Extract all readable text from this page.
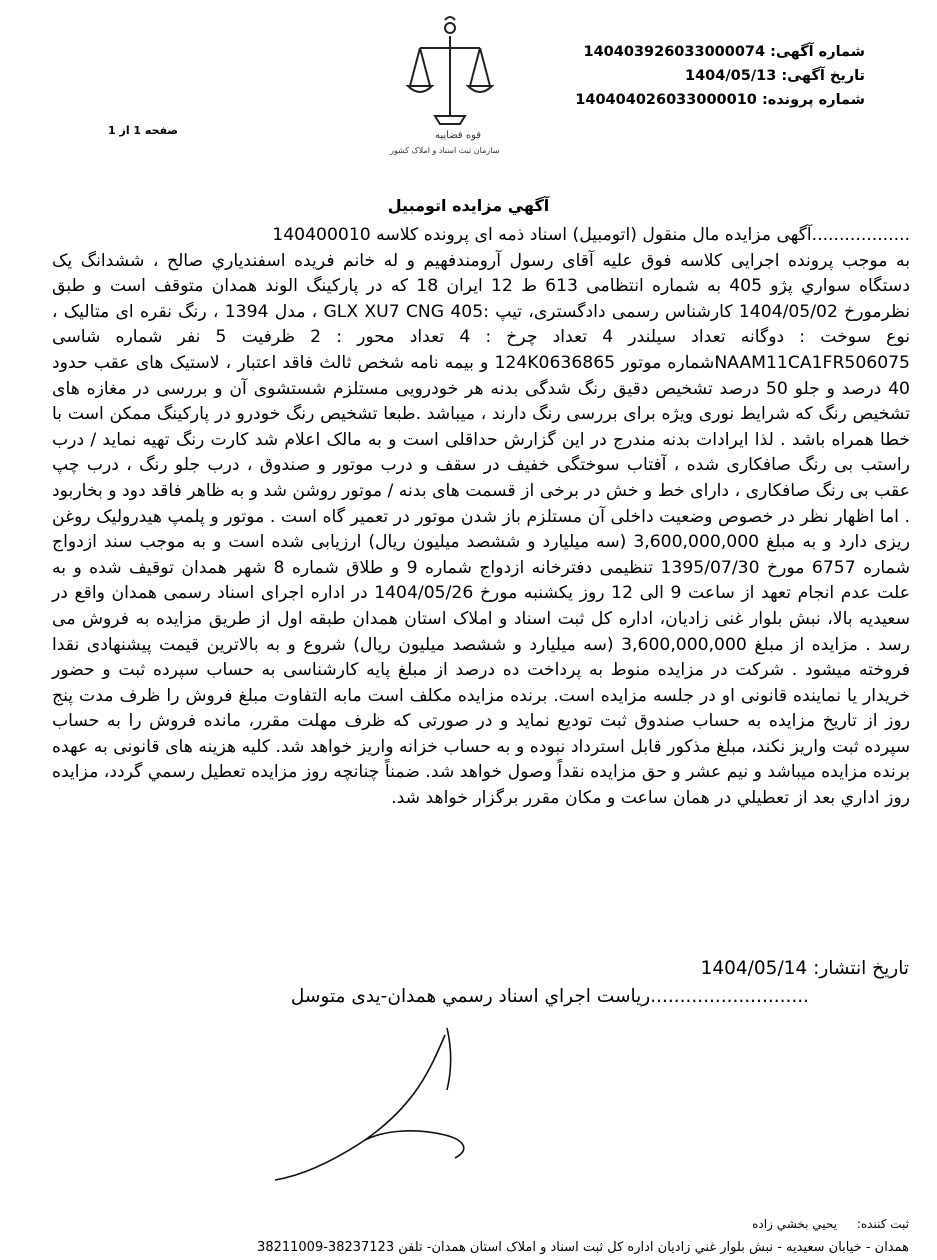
قوه قضاییه
سازمان ثبت اسناد و املاک کشور
شماره آگهی: 14040392603300007‎4
تاریخ آگهی: 1404/05/13
شماره پرونده: 14040402603300001‎0
صفحه 1 از 1
آگهي مزايده اتومبيل

..................آگهی مزایده مال منقول (اتومبیل) اسناد ذمه ای پرونده کلاسه 140400010

به موجب پرونده اجرایی کلاسه فوق علیه آقای رسول آرومندفهیم و له خانم فریده اسفندیاري صالح ، ششدانگ یک دستگاه سواري پژو 405 به شماره انتظامی 613 ط 12 ایران 18 که در پارکینگ الوند همدان متوقف است و طبق نظرمورخ 1404/05/02 کارشناس رسمی دادگستری، تیپ :GLX XU7 CNG 405 ، مدل 1394 ، رنگ نقره ای متالیک ، نوع سوخت : دوگانه تعداد سیلندر 4 تعداد چرخ : 4 تعداد محور : 2 ظرفیت 5 نفر شماره شاسی NAAM11CA1FR506075شماره موتور 124K0636865 و بیمه نامه شخص ثالث فاقد اعتبار ، لاستیک های عقب حدود 40 درصد و جلو 50 درصد تشخیص دقیق رنگ شدگی بدنه هر خودرویی مستلزم شستشوی آن و بررسی در مغازه های تشخیص رنگ که شرایط نوری ویژه برای بررسی رنگ دارند ، میباشد .طبعا تشخیص رنگ خودرو در پارکینگ ممکن است با خطا همراه باشد . لذا ایرادات بدنه مندرج در این گزارش حداقلی است و به مالک اعلام شد کارت رنگ تهیه نماید / درب راستب بی رنگ صافکاری شده ، آفتاب سوختگی خفیف در سقف و درب موتور و صندوق ، درب جلو رنگ ، درب چپ عقب بی رنگ صافکاری ، دارای خط و خش در برخی از قسمت های بدنه / موتور روشن شد و به ظاهر فاقد دود و بخاربود . اما اظهار نظر در خصوص وضعیت داخلی آن مستلزم باز شدن موتور در تعمیر گاه است . موتور و پلمپ هیدرولیک روغن ریزی دارد و به مبلغ 3,600,000,000 (سه میلیارد و ششصد میلیون ریال) ارزیابی شده است و به موجب سند ازدواج شماره 6757 مورخ 1395/07/30 تنظیمی دفترخانه ازدواج شماره 9 و طلاق شماره 8 شهر همدان توقیف شده و به علت عدم انجام تعهد از ساعت 9 الی 12 روز یکشنبه مورخ 1404/05/26 در اداره اجرای اسناد رسمی همدان واقع در سعیدیه بالا، نبش بلوار غنی زادیان، اداره کل ثبت اسناد و املاک استان همدان طبقه اول از طریق مزایده به فروش می رسد . مزایده از مبلغ 3,600,000,000 (سه میلیارد و ششصد میلیون ریال) شروع و به بالاترین قیمت پیشنهادی نقدا فروخته میشود . شرکت در مزایده منوط به پرداخت ده درصد از مبلغ پایه کارشناسی به حساب سپرده ثبت و حضور خریدار یا نماینده قانونی او در جلسه مزایده است. برنده مزایده مکلف است مابه التفاوت مبلغ فروش را ظرف مدت پنج روز از تاریخ مزایده به حساب صندوق ثبت تودیع نماید و در صورتی که ظرف مهلت مقرر، مانده فروش را به حساب سپرده ثبت واریز نکند، مبلغ مذکور قابل استرداد نبوده و به حساب خزانه واریز خواهد شد. کلیه هزینه های قانونی به عهده برنده مزایده میباشد و نیم عشر و حق مزایده نقداً وصول خواهد شد. ضمناً چنانچه روز مزایده تعطیل رسمي گردد، مزايده روز اداري بعد از تعطيلي در همان ساعت و مكان مقرر برگزار خواهد شد.

تاریخ انتشار: 1404/05/14
...........................رياست اجراي اسناد رسمي همدان-يدی متوسل
ثبت کننده: يحيي بخشي زاده
همدان - خیابان سعیدیه - نبش بلوار غني زادیان اداره کل ثبت اسناد و املاک استان همدان- تلفن 38237123-38211009
